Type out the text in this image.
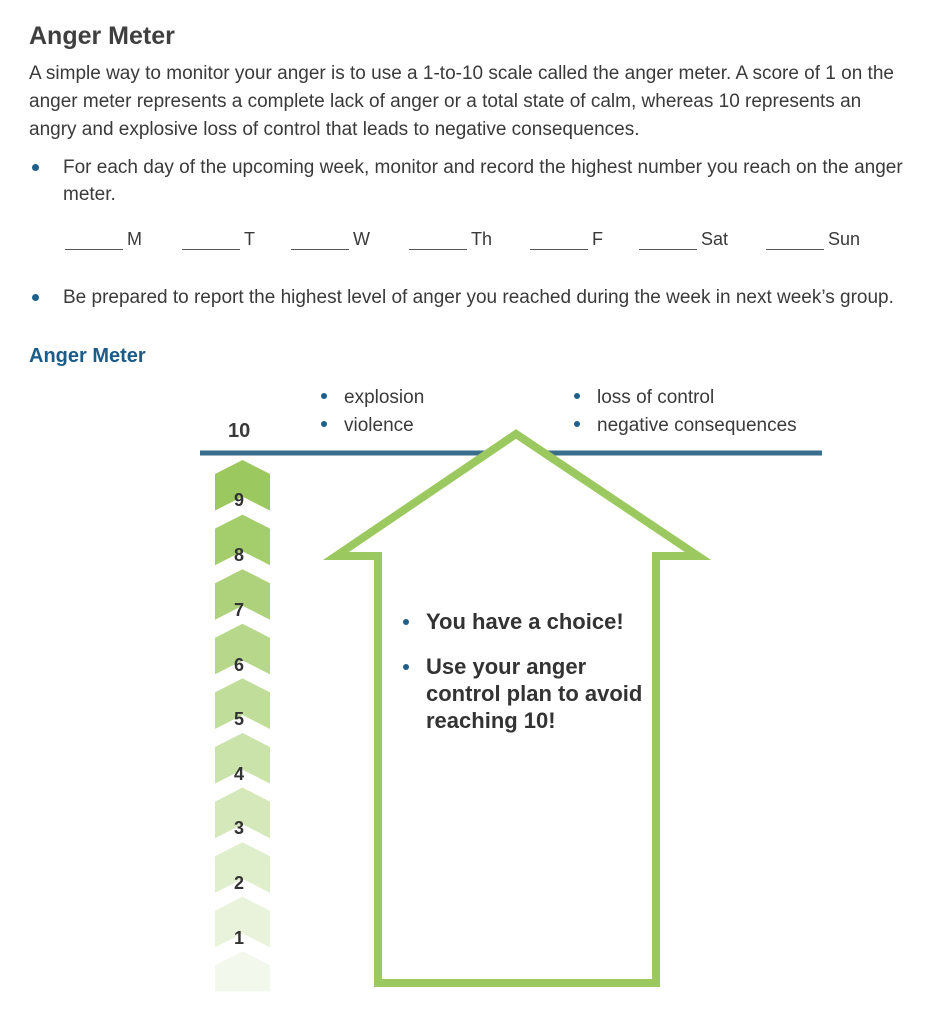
Anger Meter

A simple way to monitor your anger is to use a 1-to-10 scale called the anger meter. A score of 1 on the anger meter represents a complete lack of anger or a total state of calm, whereas 10 represents an angry and explosive loss of control that leads to negative consequences.

For each day of the upcoming week, monitor and record the highest number you reach on the anger meter.

M	T	W	Th	F	Sat	Sun

Be prepared to report the highest level of anger you reached during the week in next week’s group.

Anger Meter
explosion
violence
loss of control
negative consequences
10
9
8
7
6
5
4
3
2
1
You have a choice!
Use your anger control plan to avoid reaching 10!
